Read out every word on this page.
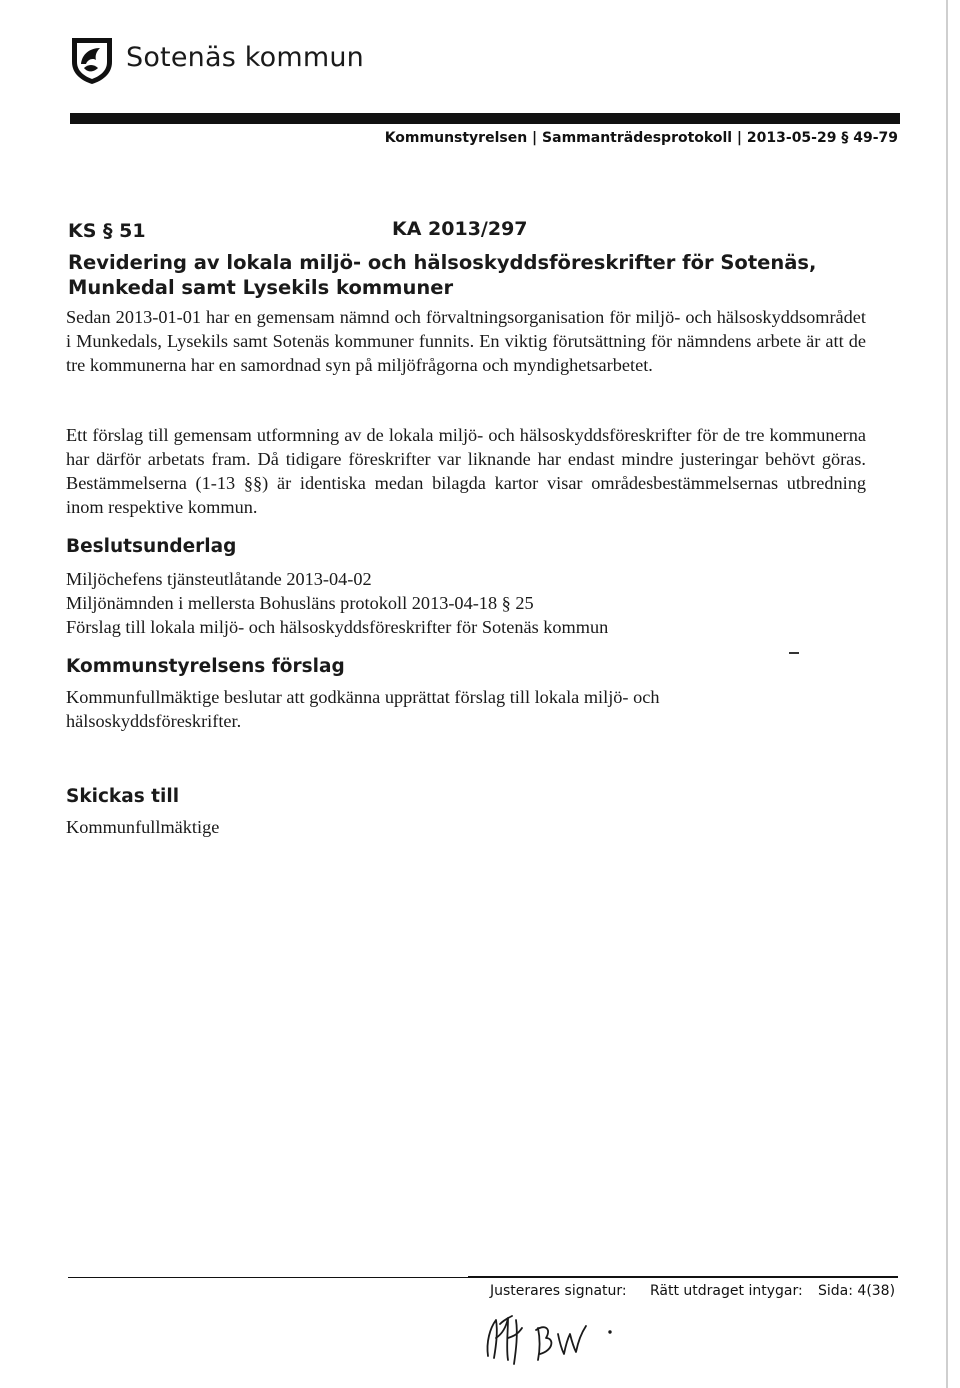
Sotenäs kommun
Kommunstyrelsen | Sammanträdesprotokoll | 2013-05-29 § 49-79
KS § 51	KA 2013/297
Revidering av lokala miljö- och hälsoskyddsföreskrifter för Sotenäs,
Munkedal samt Lysekils kommuner
Sedan 2013-01-01 har en gemensam nämnd och förvaltningsorganisation för miljö- och hälsoskyddsområdet i Munkedals, Lysekils samt Sotenäs kommuner funnits. En viktig förutsättning för nämndens arbete är att de tre kommunerna har en samordnad syn på miljöfrågorna och myndighetsarbetet.
Ett förslag till gemensam utformning av de lokala miljö- och hälsoskyddsföreskrifter för de tre kommunerna har därför arbetats fram. Då tidigare föreskrifter var liknande har endast mindre justeringar behövt göras. Bestämmelserna (1-13 §§) är identiska medan bilagda kartor visar områdesbestämmelsernas utbredning inom respektive kommun.
Beslutsunderlag
Miljöchefens tjänsteutlåtande 2013-04-02
Miljönämnden i mellersta Bohusläns protokoll 2013-04-18 § 25
Förslag till lokala miljö- och hälsoskyddsföreskrifter för Sotenäs kommun
Kommunstyrelsens förslag
Kommunfullmäktige beslutar att godkänna upprättat förslag till lokala miljö- och hälsoskyddsföreskrifter.
Skickas till
Kommunfullmäktige
Justerares signatur: Rätt utdraget intygar: Sida: 4(38)
